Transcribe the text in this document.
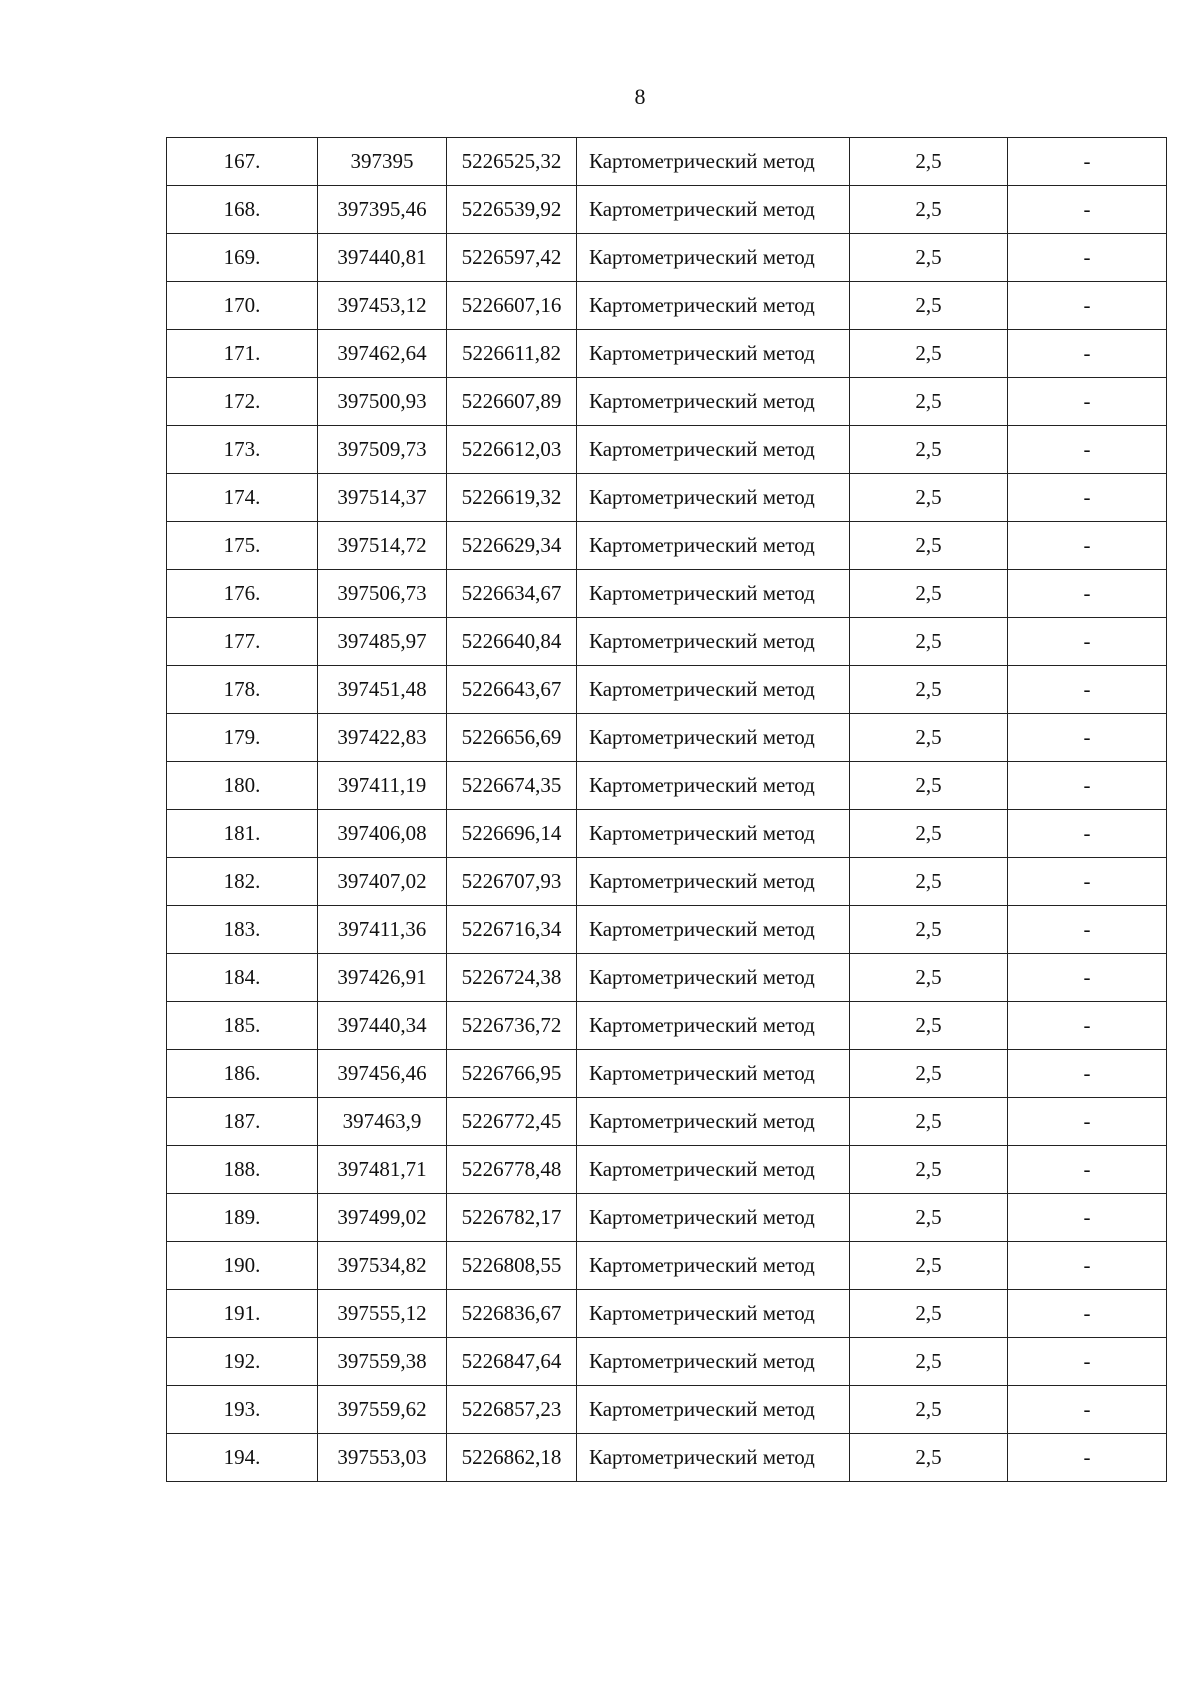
8
167.	397395	5226525,32	Картометрический метод	2,5	-
168.	397395,46	5226539,92	Картометрический метод	2,5	-
169.	397440,81	5226597,42	Картометрический метод	2,5	-
170.	397453,12	5226607,16	Картометрический метод	2,5	-
171.	397462,64	5226611,82	Картометрический метод	2,5	-
172.	397500,93	5226607,89	Картометрический метод	2,5	-
173.	397509,73	5226612,03	Картометрический метод	2,5	-
174.	397514,37	5226619,32	Картометрический метод	2,5	-
175.	397514,72	5226629,34	Картометрический метод	2,5	-
176.	397506,73	5226634,67	Картометрический метод	2,5	-
177.	397485,97	5226640,84	Картометрический метод	2,5	-
178.	397451,48	5226643,67	Картометрический метод	2,5	-
179.	397422,83	5226656,69	Картометрический метод	2,5	-
180.	397411,19	5226674,35	Картометрический метод	2,5	-
181.	397406,08	5226696,14	Картометрический метод	2,5	-
182.	397407,02	5226707,93	Картометрический метод	2,5	-
183.	397411,36	5226716,34	Картометрический метод	2,5	-
184.	397426,91	5226724,38	Картометрический метод	2,5	-
185.	397440,34	5226736,72	Картометрический метод	2,5	-
186.	397456,46	5226766,95	Картометрический метод	2,5	-
187.	397463,9	5226772,45	Картометрический метод	2,5	-
188.	397481,71	5226778,48	Картометрический метод	2,5	-
189.	397499,02	5226782,17	Картометрический метод	2,5	-
190.	397534,82	5226808,55	Картометрический метод	2,5	-
191.	397555,12	5226836,67	Картометрический метод	2,5	-
192.	397559,38	5226847,64	Картометрический метод	2,5	-
193.	397559,62	5226857,23	Картометрический метод	2,5	-
194.	397553,03	5226862,18	Картометрический метод	2,5	-
